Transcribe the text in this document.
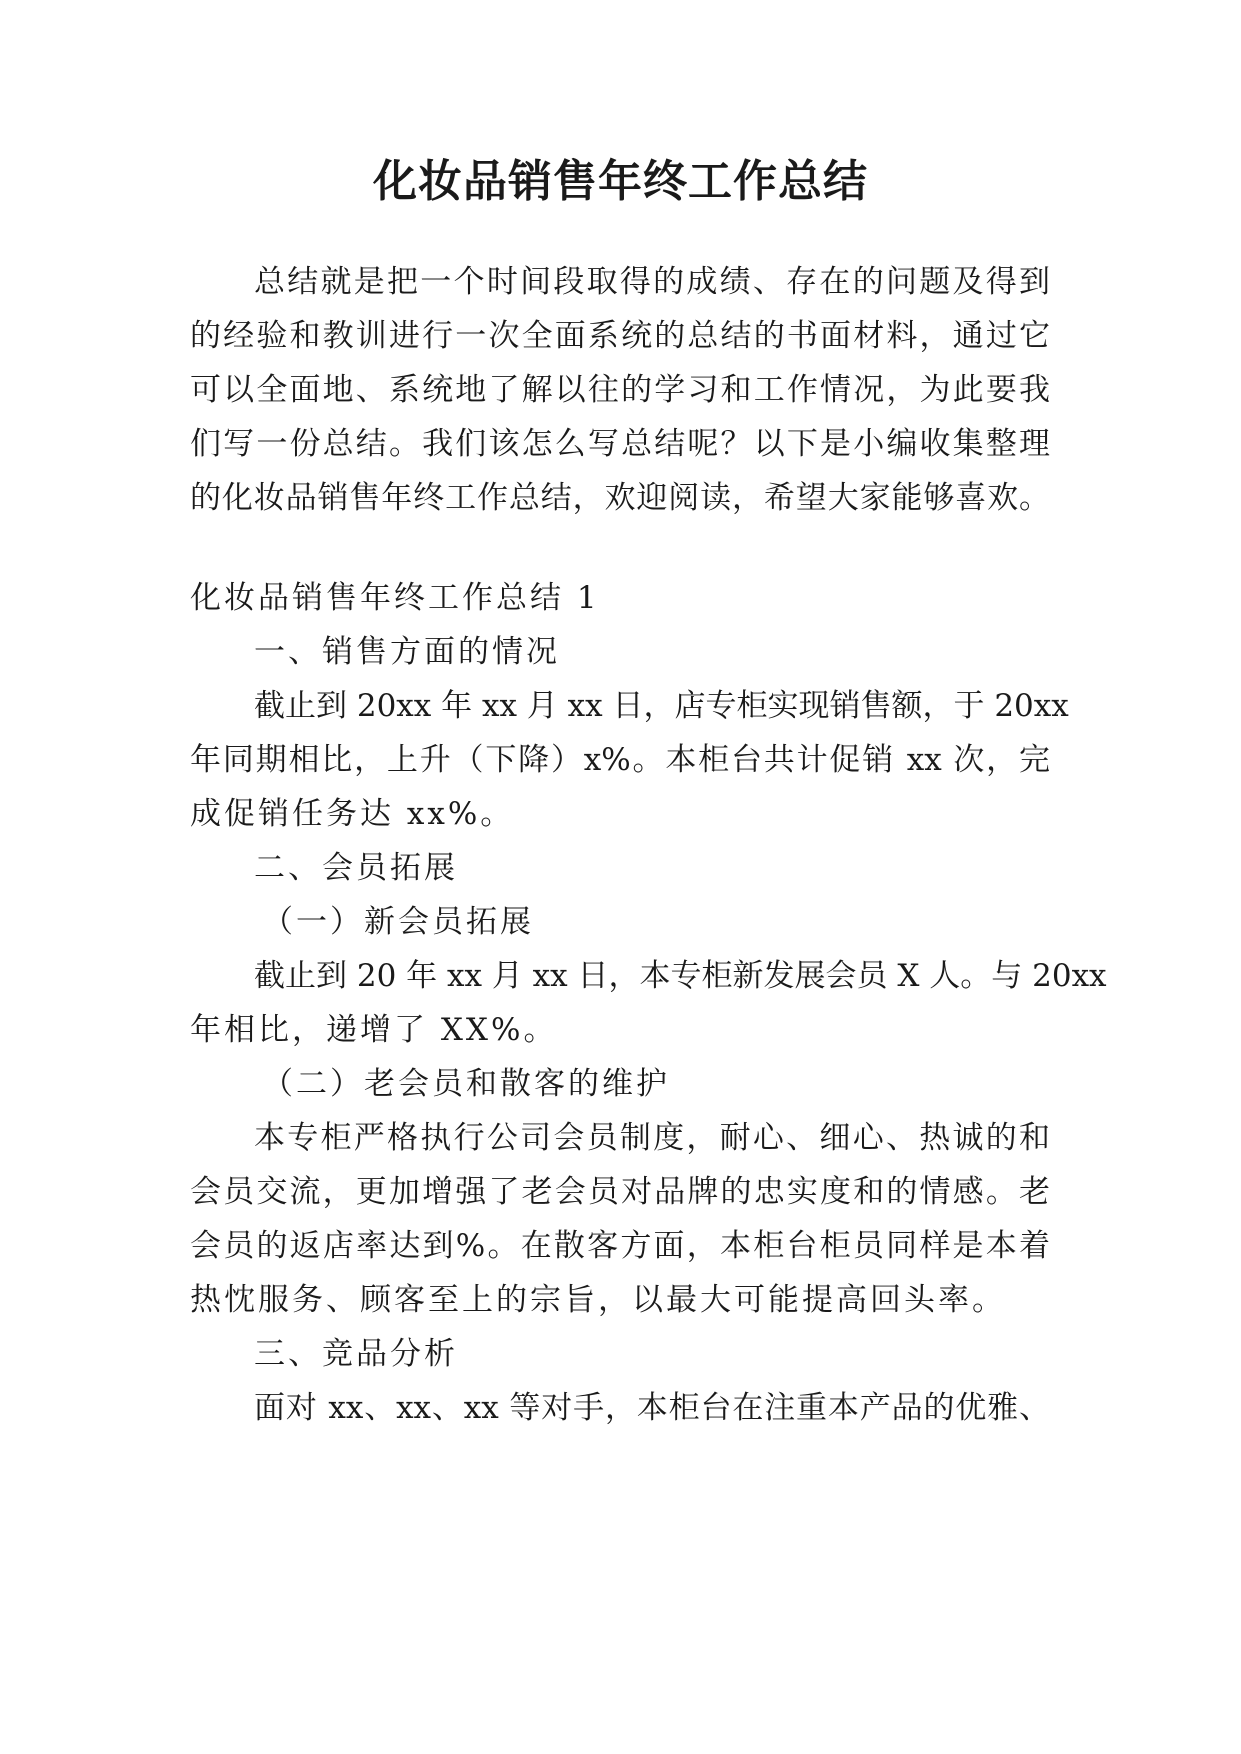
化妆品销售年终工作总结
总结就是把一个时间段取得的成绩、存在的问题及得到
的经验和教训进行一次全面系统的总结的书面材料，通过它
可以全面地、系统地了解以往的学习和工作情况，为此要我
们写一份总结。我们该怎么写总结呢？以下是小编收集整理
的化妆品销售年终工作总结，欢迎阅读，希望大家能够喜欢。
化妆品销售年终工作总结 1
一、销售方面的情况
截止到 20xx 年 xx 月 xx 日，店专柜实现销售额，于 20xx
年同期相比，上升（下降）x%。本柜台共计促销 xx 次，完
成促销任务达 xx%。
二、会员拓展
（一）新会员拓展
截止到 20 年 xx 月 xx 日，本专柜新发展会员 X 人。与 20xx
年相比，递增了 XX%。
（二）老会员和散客的维护
本专柜严格执行公司会员制度，耐心、细心、热诚的和
会员交流，更加增强了老会员对品牌的忠实度和的情感。老
会员的返店率达到%。在散客方面，本柜台柜员同样是本着
热忱服务、顾客至上的宗旨，以最大可能提高回头率。
三、竞品分析
面对 xx、xx、xx 等对手，本柜台在注重本产品的优雅、
